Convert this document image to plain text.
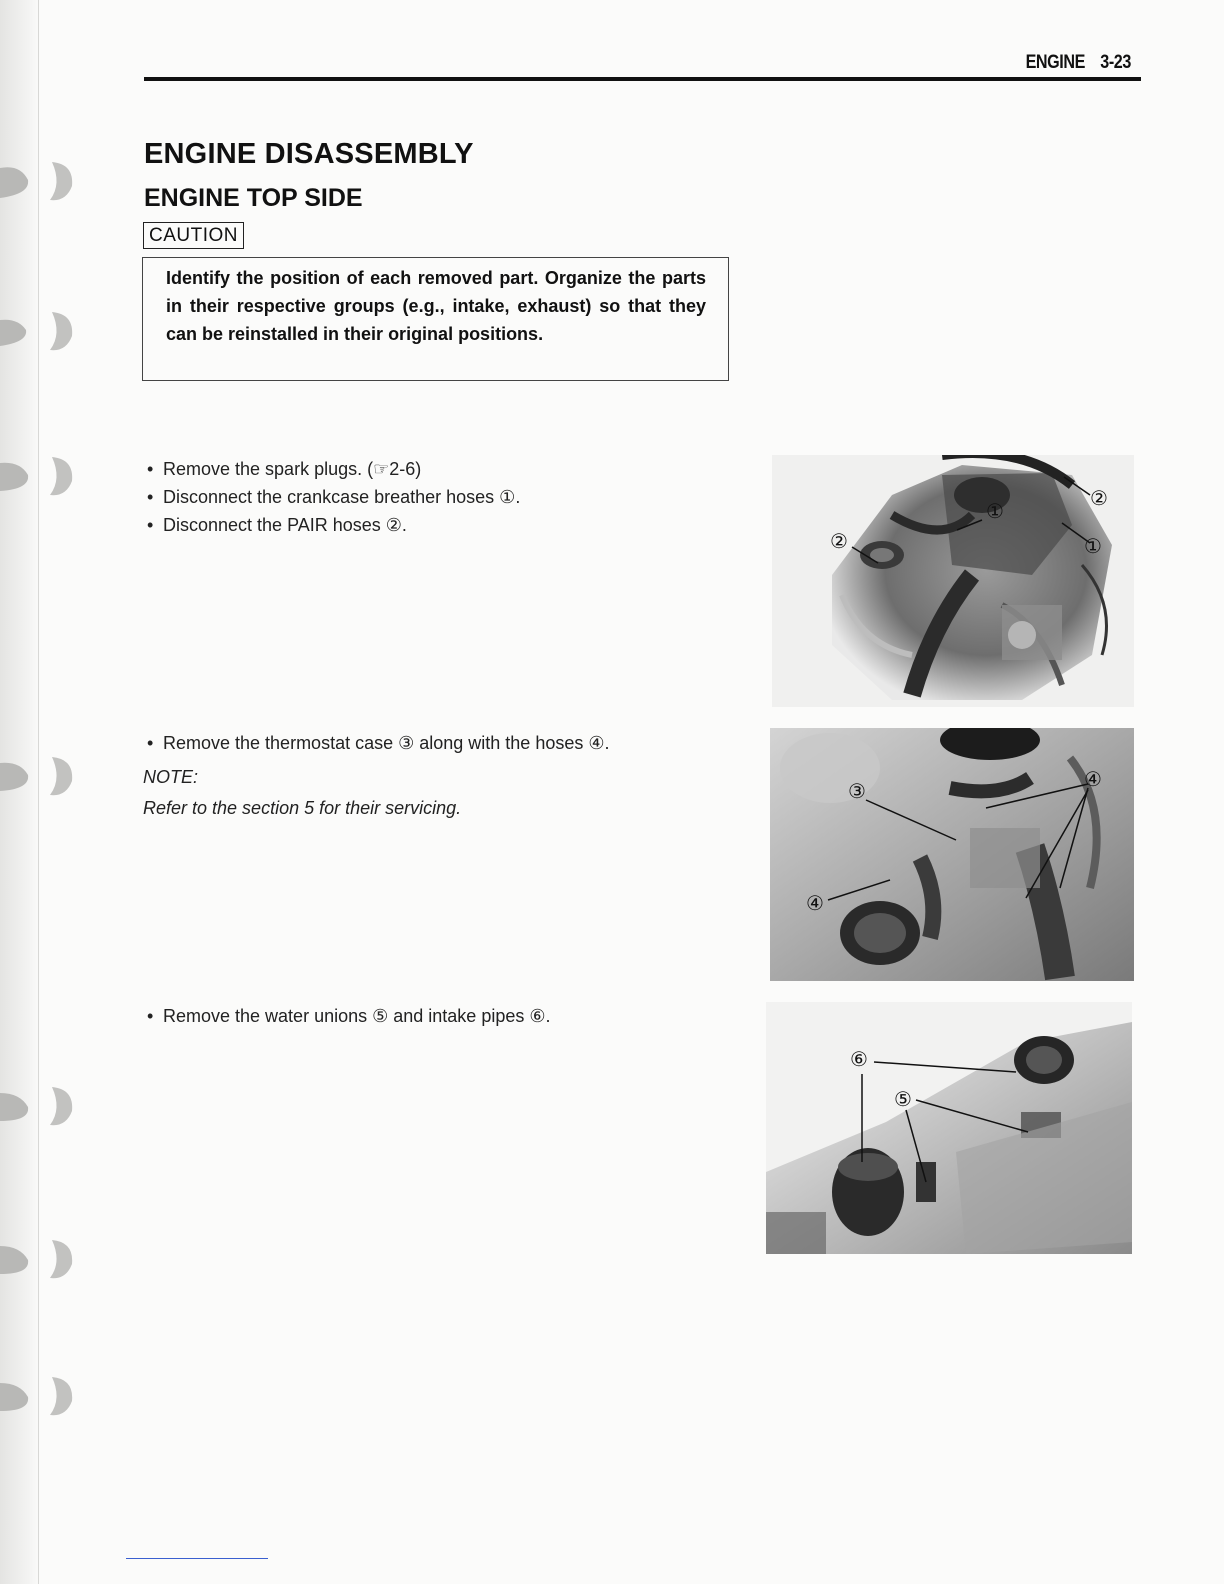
ENGINE 3-23
ENGINE DISASSEMBLY
ENGINE TOP SIDE
CAUTION
Identify the position of each removed part. Organize the parts in their respective groups (e.g., intake, exhaust) so that they can be reinstalled in their original positions.
• Remove the spark plugs. (☞2-6)
• Disconnect the crankcase breather hoses ①.
• Disconnect the PAIR hoses ②.
• Remove the thermostat case ③ along with the hoses ④.
NOTE:
Refer to the section 5 for their servicing.
• Remove the water unions ⑤ and intake pipes ⑥.
②
①
②
①
③	④
④
⑥
⑤
